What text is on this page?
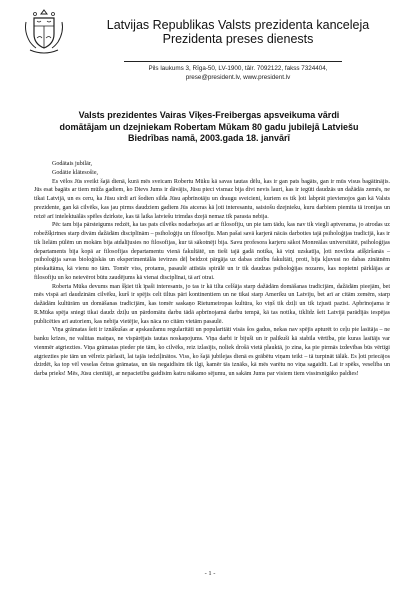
Latvijas Republikas Valsts prezidenta kanceleja
Prezidenta preses dienests
Pils laukums 3, Rīga-50, LV-1900, tālr. 7092122, fakss 7324404,
prese@president.lv, www.president.lv
Valsts prezidentes Vairas Vīķes-Freibergas apsveikuma vārdi
domātājam un dzejniekam Robertam Mūkam 80 gadu jubilejā Latviešu
Biedrības namā, 2003.gada 18. janvārī

Godātais jubilār,

Godātie klātesošie,

Es vēlos Jūs sveikt šajā dienā, kurā mēs sveicam Robertu Mūku kā savas tautas dēlu, kas ir gan pats bagāts, gan ir mūs visus bagātinājis. Jūs esat bagāts ar tiem mūža gadiem, ko Dievs Jums ir dāvājis, Jūsu pieci vismaz bija divi nevis lauri, kas ir iegūti daudzās un dažādās zemēs, ne tikai Latvijā, un es ceru, ka Jūsu sirdī arī šodien silda Jūsu apbrīnotāju un draugu sveicieni, kuriem es tik ļoti labprāt pievienojos gan kā Valsts prezidente, gan kā cilvēks, kas jau pirms daudziem gadiem Jūs atceras kā ļoti interesantu, saistošu dzejnieku, kuru darbiem piemita tā ironijas un reizē arī intelektuālās spēles dzirkste, kas tā laika latviešu trimdas dzejā nemaz tik parasta nebija.

Pēc tam bija pārsteigums redzēt, ka tas pats cilvēks nodarbojas arī ar filosofiju, un pie tam tādu, kas nav tik viegli aptverama, jo atrodas uz robežšķirtnes starp divām dažādām disciplīnām – psiholoģiju un filosofiju. Man pašai savā karjerā nācās darboties tajā psiholoģijas tradīcijā, kas ir tik lielām pūlēm un mokām bija atdalījusies no filosofijas, kur tā sākotnēji bija. Savu profesora karjeru sākot Monreālas universitātē, psiholoģijas departaments bija kopā ar filosofijas departamentu vienā fakultātē, un tieši tajā gadā notika, kā viņi uzskatīja, ļoti novilota atšķiršanās – psiholoģija savas bioloģiskās un eksperimentālās ievirzes dēļ beidzot pārgāja uz dabas zinību fakultāti, proti, bija kļuvusi no dabas zinātnēm pieskaitāma, kā vienu no tām. Tomēr viss, protams, pasaulē attīstās spirālē un ir tik daudzas psiholoģijas nozares, kas nopietni pārklājas ar filosofiju un ko neievērot būtu zaudējums kā vienai disciplīnai, tā arī otrai.

Roberta Mūka devums man šķiet tik īpaši interesants, jo tas ir kā tilta celšāja starp dažādām domāšanas tradīcijām, dažādām pieejām, bet mēs vispā arī daudzinām cilvēku, kurš ir spējis celt tiltus pāri kontinentiem un ne tikai starp Ameriku un Latviju, bet arī ar citām zemēm, starp dažādām kultūrām un domāšanas tradīcijām, kas tomēr saskaņo Rietumeiropas kultūra, ko viņš tik dziļi un tik izjusti pazīst. Apbrīnojama ir R.Mūka spēja sniegt tikai daudz dziļu un pārdomātu darbu tādā apbrīnojamā darbu tempā, kā tas notika, tiklīdz šeit Latvijā parādījās iespējas publicēties arī autoriem, kas nebija vietējie, kas nāca no citām vietām pasaulē.

Viņa grāmatas šeit ir iznākušas ar apskaužamu regularitāti un popularitāti visās šos gadus, nekas nav spējis apturēt to ceļu pie lasītāja – ne banku krīzes, ne valūtas maiņas, ne vispārējais tautas noskaņojums. Viņa darbi ir bijuši un ir palikuši kā stabila vērtība, pie kuras lasītājs var vienmēr atgriezties. Viņa grāmatas pieder pie tām, ko cilvēks, reiz izlasījis, noliek drošā vietā plauktā, jo zina, ka pie pirmās izdevības būs vērtīgi atgriezties pie tām un vēlreiz pārlasīt, lai tajās iedziļinātos. Viss, ko šajā jubilejas dienā es grābētu viņam teikt – tā turpināt tālāk. Es ļoti priecājos dzirdēt, ka top vēl veselas četras grāmatas, un tās negaidīsim tik ilgi, kamēr tās iznāks, kā mēs varētu no viņa sagaidīt. Lai ir spēks, veselība un darba prieks! Mēs, Jūsu cienītāji, ar nepacietību gaidīsim katru nākamo sējumu, un sakām Jums par visiem tiem vissirsnīgāko paldies!

- 1 -
